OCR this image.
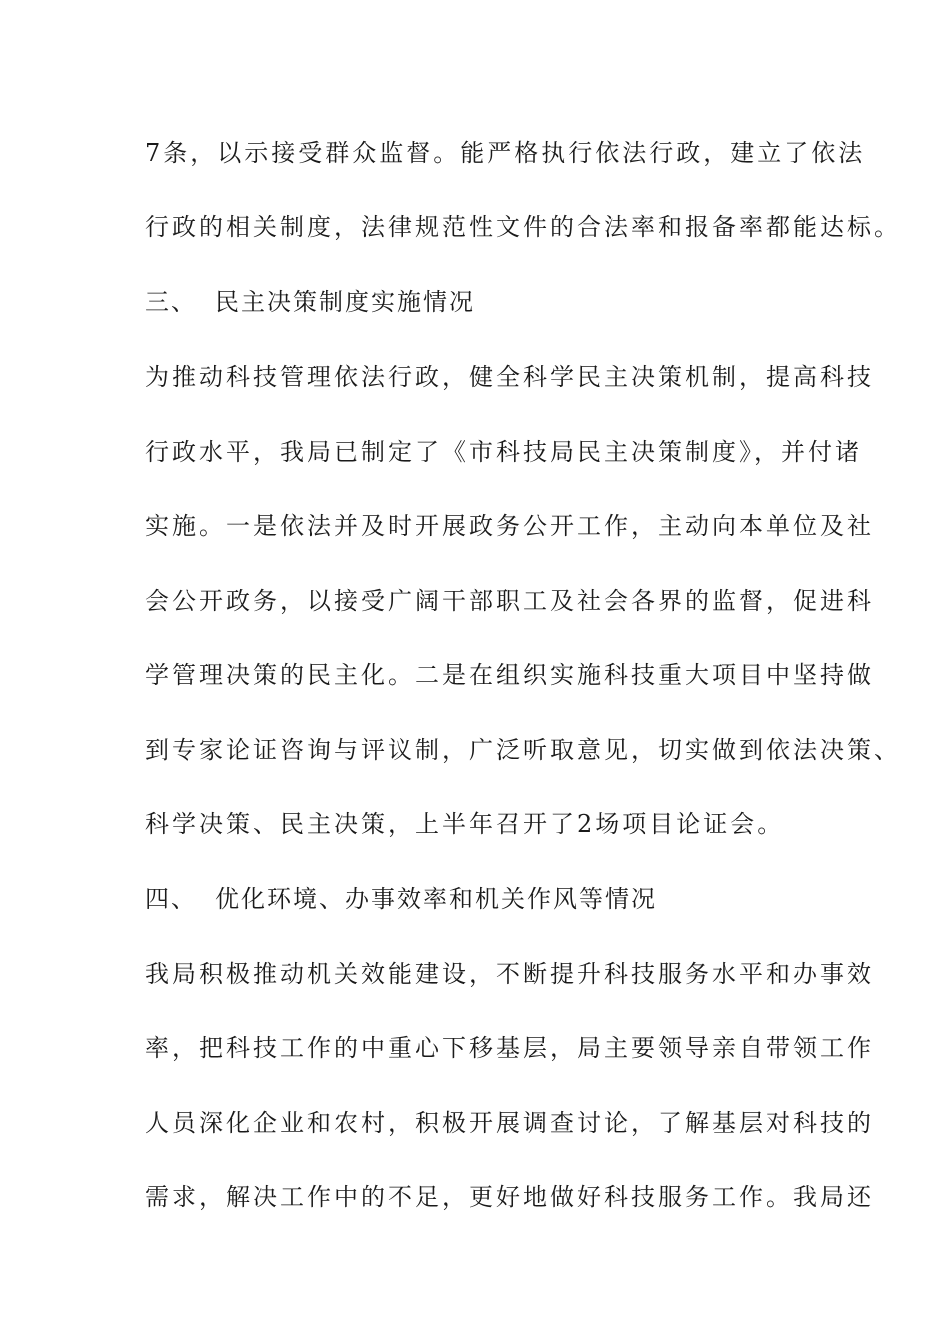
7条，以示接受群众监督。能严格执行依法行政，建立了依法

行政的相关制度，法律规范性文件的合法率和报备率都能达标。

三、 民主决策制度实施情况

为推动科技管理依法行政，健全科学民主决策机制，提高科技

行政水平，我局已制定了《市科技局民主决策制度》，并付诸

实施。一是依法并及时开展政务公开工作，主动向本单位及社

会公开政务，以接受广阔干部职工及社会各界的监督，促进科

学管理决策的民主化。二是在组织实施科技重大项目中坚持做

到专家论证咨询与评议制，广泛听取意见，切实做到依法决策、

科学决策、民主决策，上半年召开了2场项目论证会。

四、 优化环境、办事效率和机关作风等情况

我局积极推动机关效能建设，不断提升科技服务水平和办事效

率，把科技工作的中重心下移基层，局主要领导亲自带领工作

人员深化企业和农村，积极开展调查讨论，了解基层对科技的

需求，解决工作中的不足，更好地做好科技服务工作。我局还
